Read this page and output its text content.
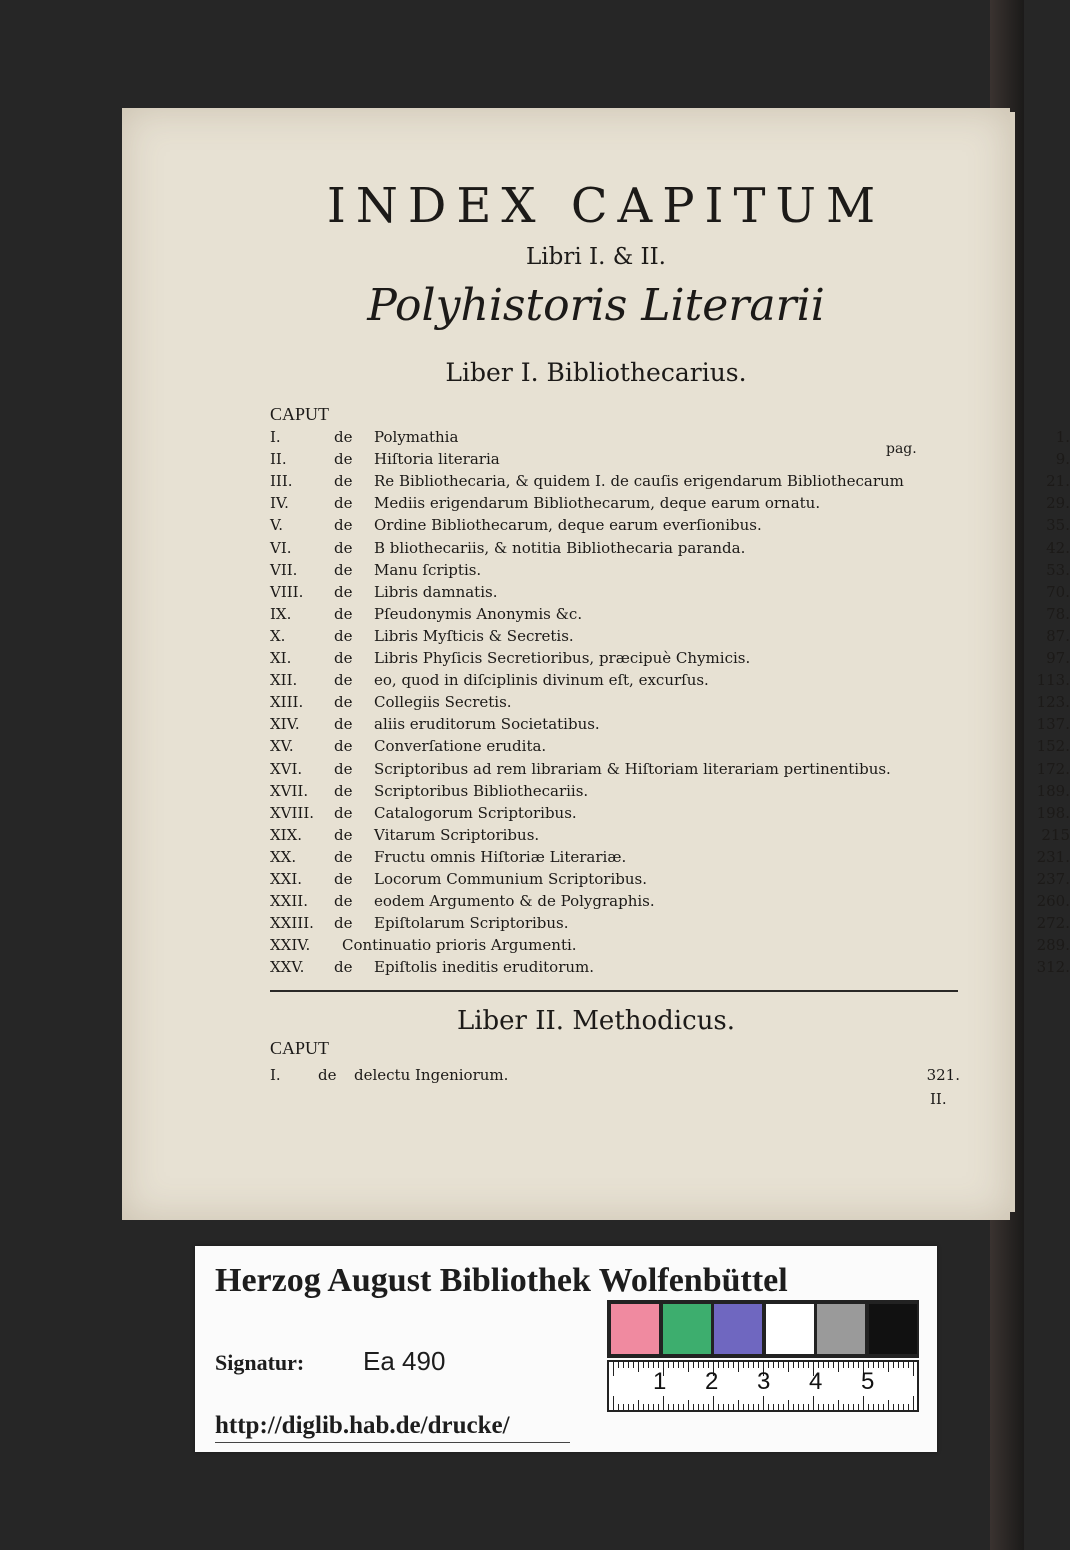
INDEX CAPITUM
Libri I. & II.
Polyhistoris Literarii
Liber I. Bibliothecarius.
CAPUT
pag.
I.	de	Polymathia	1.
II.	de	Hiſtoria literaria	9.
III.	de	Re Bibliothecaria, & quidem I. de cauſis erigendarum Bibliothecarum	21.
IV.	de	Mediis erigendarum Bibliothecarum, deque earum ornatu.	29.
V.	de	Ordine Bibliothecarum, deque earum everſionibus.	35.
VI.	de	B bliothecariis, & notitia Bibliothecaria paranda.	42.
VII.	de	Manu ſcriptis.	53.
VIII.	de	Libris damnatis.	70.
IX.	de	Pſeudonymis Anonymis &c.	78.
X.	de	Libris Myſticis & Secretis.	87.
XI.	de	Libris Phyſicis Secretioribus, præcipuè Chymicis.	97.
XII.	de	eo, quod in diſciplinis divinum eſt, excurſus.	113.
XIII.	de	Collegiis Secretis.	123.
XIV.	de	aliis eruditorum Societatibus.	137.
XV.	de	Converſatione erudita.	152.
XVI.	de	Scriptoribus ad rem librariam & Hiſtoriam literariam pertinentibus.	172.
XVII.	de	Scriptoribus Bibliothecariis.	189.
XVIII.	de	Catalogorum Scriptoribus.	198.
XIX.	de	Vitarum Scriptoribus.	215
XX.	de	Fructu omnis Hiſtoriæ Literariæ.	231.
XXI.	de	Locorum Communium Scriptoribus.	237.
XXII.	de	eodem Argumento & de Polygraphis.	260.
XXIII.	de	Epiſtolarum Scriptoribus.	272.
XXIV.	Continuatio prioris Argumenti.	289.
XXV.	de	Epiſtolis ineditis eruditorum.	312.
Liber II. Methodicus.
CAPUT
I. de delectu Ingeniorum.	321.
II.
Herzog August Bibliothek Wolfenbüttel
Signatur: Ea 490
http://diglib.hab.de/drucke/
1 2 3 4 5
